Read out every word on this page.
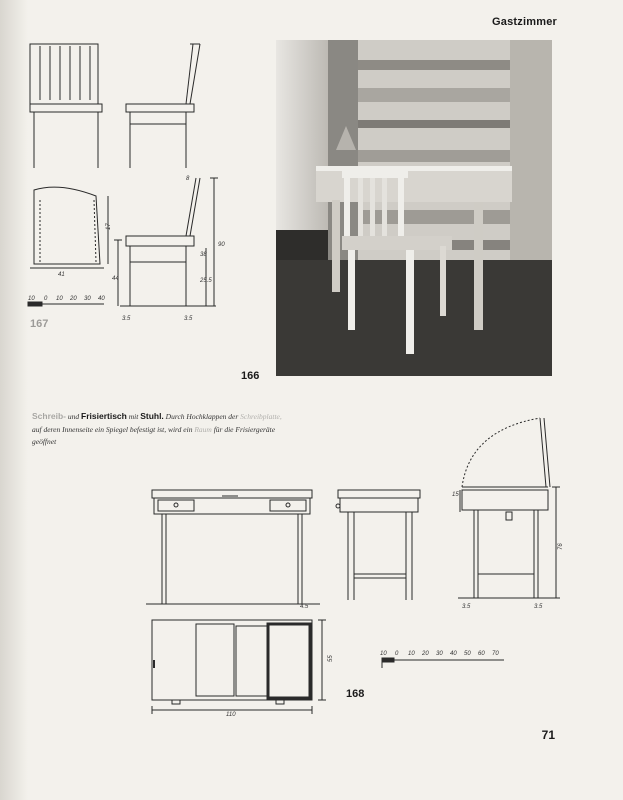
Gastzimmer
17
41
44	25.5
38
90
8
3.5	3.5
10 0 10 20 30 40
167
166
Schreib- und Frisiertisch mit Stuhl. Durch Hochklappen der Schreibplatte, auf deren Innenseite ein Spiegel befestigt ist, wird ein Raum für die Frisiergeräte geöffnet
4.5
76
3.5	3.5
15
110
55
10 0 10 20 30 40 50 60 70
168
71
